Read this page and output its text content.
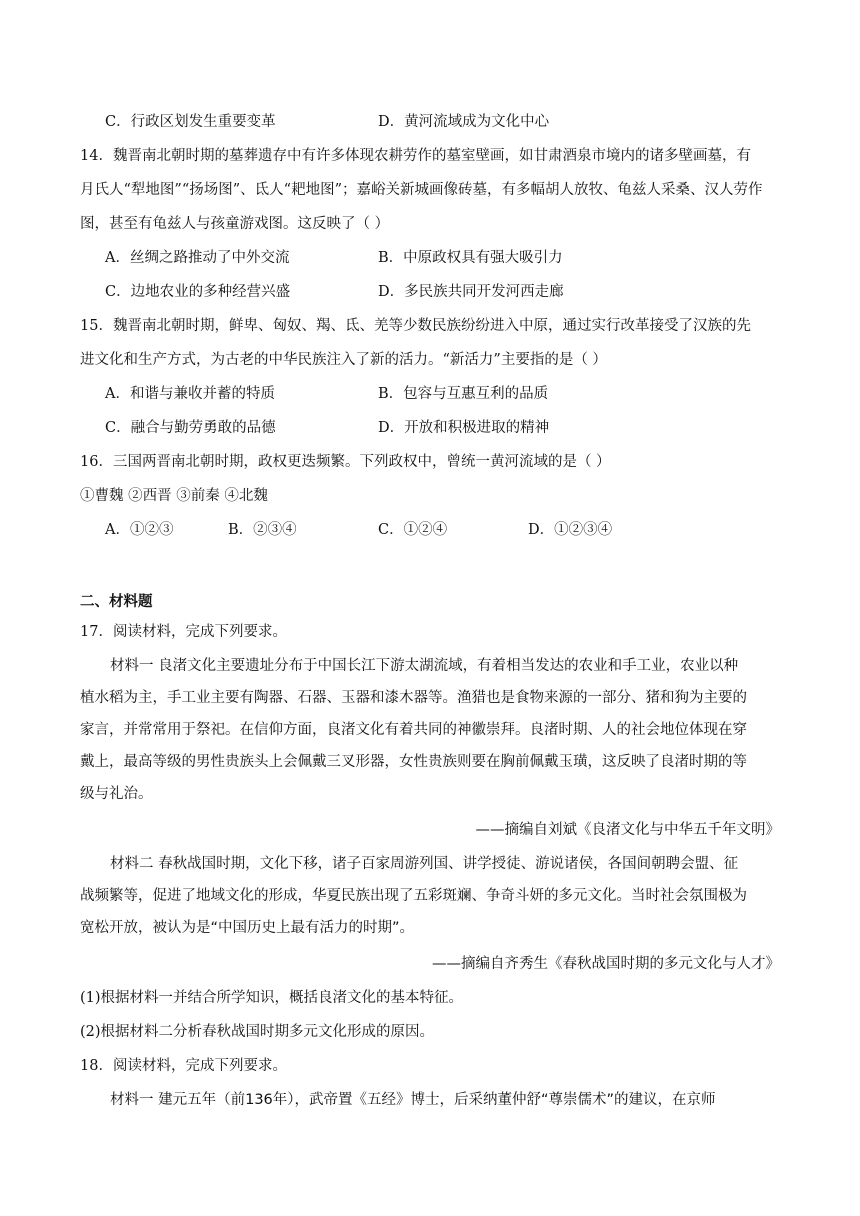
C．行政区划发生重要变革	D．黄河流域成为文化中心
14．魏晋南北朝时期的墓葬遗存中有许多体现农耕劳作的墓室壁画，如甘肃酒泉市境内的诸多壁画墓，有
月氏人“犁地图”“扬场图”、氐人“耙地图”；嘉峪关新城画像砖墓，有多幅胡人放牧、龟兹人采桑、汉人劳作
图，甚至有龟兹人与孩童游戏图。这反映了（ ）
A．丝绸之路推动了中外交流	B．中原政权具有强大吸引力
C．边地农业的多种经营兴盛	D．多民族共同开发河西走廊
15．魏晋南北朝时期，鲜卑、匈奴、羯、氐、羌等少数民族纷纷进入中原，通过实行改革接受了汉族的先
进文化和生产方式，为古老的中华民族注入了新的活力。“新活力”主要指的是（ ）
A．和谐与兼收并蓄的特质	B．包容与互惠互利的品质
C．融合与勤劳勇敢的品德	D．开放和积极进取的精神
16．三国两晋南北朝时期，政权更迭频繁。下列政权中，曾统一黄河流域的是（ ）
①曹魏 ②西晋 ③前秦 ④北魏
A．①②③	B．②③④	C．①②④	D．①②③④
二、材料题
17．阅读材料，完成下列要求。
材料一 良渚文化主要遗址分布于中国长江下游太湖流域，有着相当发达的农业和手工业，农业以种
植水稻为主，手工业主要有陶器、石器、玉器和漆木器等。渔猎也是食物来源的一部分、猪和狗为主要的
家言，并常常用于祭祀。在信仰方面，良渚文化有着共同的神徽崇拜。良渚时期、人的社会地位体现在穿
戴上，最高等级的男性贵族头上会佩戴三叉形器，女性贵族则要在胸前佩戴玉璜，这反映了良渚时期的等
级与礼治。
——摘编自刘斌《良渚文化与中华五千年文明》
材料二 春秋战国时期，文化下移，诸子百家周游列国、讲学授徒、游说诸侯，各国间朝聘会盟、征
战频繁等，促进了地域文化的形成，华夏民族出现了五彩斑斓、争奇斗妍的多元文化。当时社会氛围极为
宽松开放，被认为是“中国历史上最有活力的时期”。
——摘编自齐秀生《春秋战国时期的多元文化与人才》
(1)根据材料一并结合所学知识，概括良渚文化的基本特征。
(2)根据材料二分析春秋战国时期多元文化形成的原因。
18．阅读材料，完成下列要求。
材料一 建元五年（前136年），武帝置《五经》博士，后采纳董仲舒“尊崇儒术”的建议，在京师
